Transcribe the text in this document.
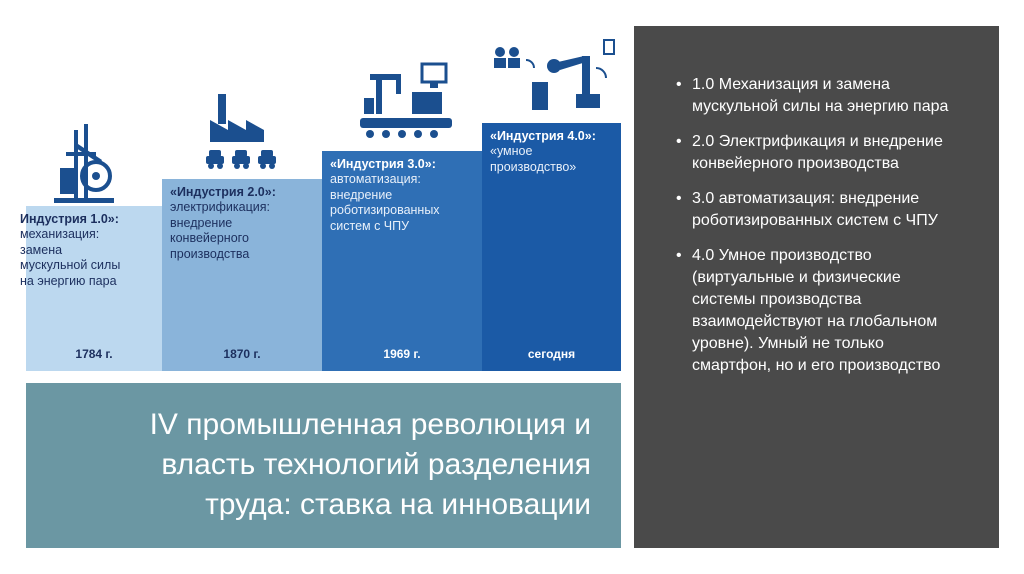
Индустрия 1.0»:
механизация:
замена
мускульной силы
на энергию пара
1784 г.
«Индустрия 2.0»:
электрификация:
внедрение
конвейерного
производства
1870 г.
«Индустрия 3.0»:
автоматизация:
внедрение
роботизированных
систем с ЧПУ
1969 г.
«Индустрия 4.0»:
«умное
производство»
сегодня
IV промышленная революция и
власть технологий разделения
труда: ставка на инновации
• 1.0 Механизация и замена мускульной силы на энергию пара
• 2.0 Электрификация и внедрение конвейерного производства
• 3.0 автоматизация: внедрение роботизированных систем с ЧПУ
• 4.0 Умное производство (виртуальные и физические системы производства взаимодействуют на глобальном уровне). Умный не только смартфон, но и его производство
